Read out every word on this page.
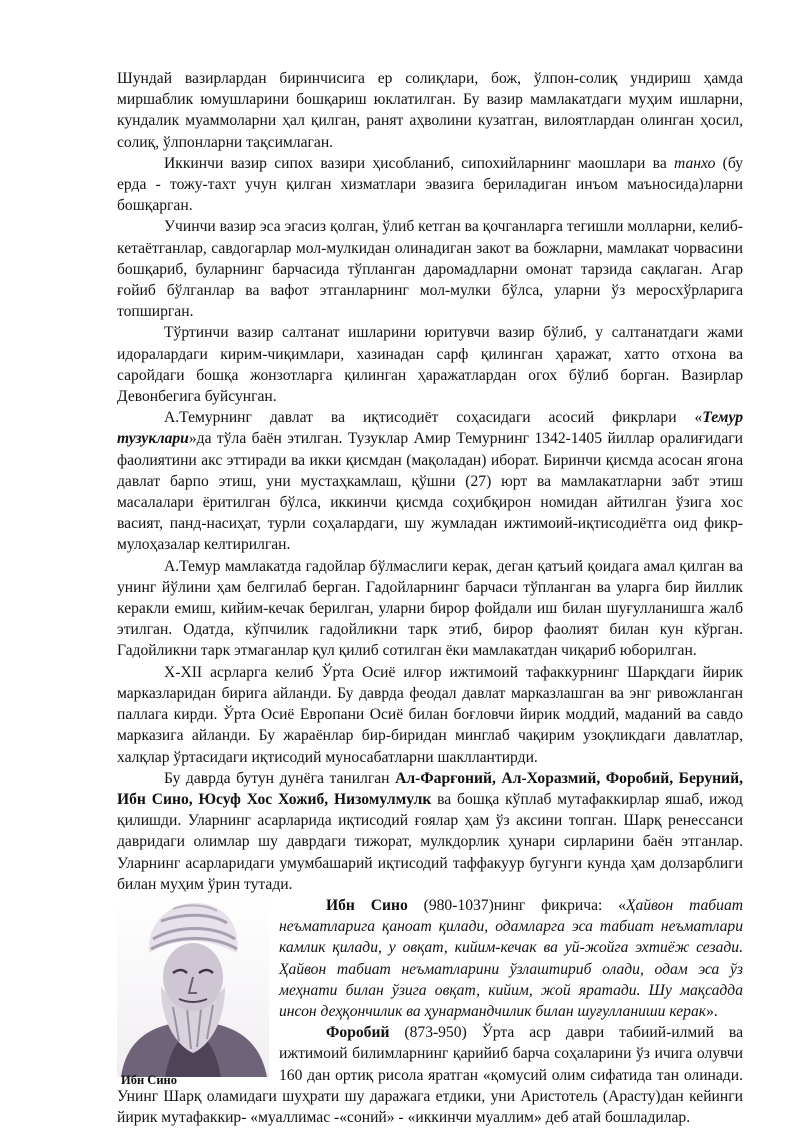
Шундай вазирлардан биринчисига ер солиқлари, бож, ўлпон-солиқ ундириш ҳамда миршаблик юмушларини бошқариш юклатилган. Бу вазир мамлакатдаги муҳим ишларни, кундалик муаммоларни ҳал қилган, ранят аҳволини кузатган, вилоятлардан олинган ҳосил, солиқ, ўлпонларни тақсимлаган.

Иккинчи вазир сипох вазири ҳисобланиб, сипохийларнинг маошлари ва танхо (бу ерда - тожу-тахт учун қилган хизматлари эвазига бериладиган инъом маъносида)ларни бошқарган.

Учинчи вазир эса эгасиз қолган, ўлиб кетган ва қочганларга тегишли молларни, келиб-кетаётганлар, савдогарлар мол-мулкидан олинадиган закот ва божларни, мамлакат чорвасини бошқариб, буларнинг барчасида тўпланган даромадларни омонат тарзида сақлаган. Агар ғойиб бўлганлар ва вафот этганларнинг мол-мулки бўлса, уларни ўз меросхўрларига топширган.

Тўртинчи вазир салтанат ишларини юритувчи вазир бўлиб, у салтанатдаги жами идоралардаги кирим-чиқимлари, хазинадан сарф қилинган ҳаражат, хатто отхона ва саройдаги бошқа жонзотларга қилинган ҳаражатлардан огох бўлиб борган. Вазирлар Девонбегига буйсунган.

А.Темурнинг давлат ва иқтисодиёт соҳасидаги асосий фикрлари «Темур тузуклари»да тўла баён этилган. Тузуклар Амир Темурнинг 1342-1405 йиллар оралиғидаги фаолиятини акс эттиради ва икки қисмдан (мақоладан) иборат. Биринчи қисмда асосан ягона давлат барпо этиш, уни мустаҳкамлаш, қўшни (27) юрт ва мамлакатларни забт этиш масалалари ёритилган бўлса, иккинчи қисмда соҳибқирон номидан айтилган ўзига хос васият, панд-насиҳат, турли соҳалардаги, шу жумладан ижтимоий-иқтисодиётга оид фикр-мулоҳазалар келтирилган.

А.Темур мамлакатда гадойлар бўлмаслиги керак, деган қатъий қоидага амал қилган ва унинг йўлини ҳам белгилаб берган. Гадойларнинг барчаси тўпланган ва уларга бир йиллик керакли емиш, кийим-кечак берилган, уларни бирор фойдали иш билан шуғулланишга жалб этилган. Одатда, кўпчилик гадойликни тарк этиб, бирор фаолият билан кун кўрган. Гадойликни тарк этмаганлар қул қилиб сотилган ёки мамлакатдан чиқариб юборилган.

X-XII асрларга келиб Ўрта Осиё илғор ижтимоий тафаккурнинг Шарқдаги йирик марказларидан бирига айланди. Бу даврда феодал давлат марказлашган ва энг ривожланган паллага кирди. Ўрта Осиё Европани Осиё билан боғловчи йирик моддий, маданий ва савдо марказига айланди. Бу жараёнлар бир-биридан минглаб чақирим узоқликдаги давлатлар, халқлар ўртасидаги иқтисодий муносабатларни шакллантирди.

Бу даврда бутун дунёга танилган Ал-Фарғоний, Ал-Хоразмий, Форобий, Беруний, Ибн Сино, Юсуф Хос Хожиб, Низомулмулк ва бошқа кўплаб мутафаккирлар яшаб, ижод қилишди. Уларнинг асарларида иқтисодий ғоялар ҳам ўз аксини топган. Шарқ ренессанси давридаги олимлар шу даврдаги тижорат, мулкдорлик ҳунари сирларини баён этганлар. Уларнинг асарларидаги умумбашарий иқтисодий таффакуур бугунги кунда ҳам долзарблиги билан муҳим ўрин тутади.

Ибн Сино

Ибн Сино (980-1037)нинг фикрича: «Ҳайвон табиат неъматларига қаноат қилади, одамларга эса табиат неъматлари камлик қилади, у овқат, кийим-кечак ва уй-жойга эхтиёж сезади. Ҳайвон табиат неъматларини ўзлаштириб олади, одам эса ўз меҳнати билан ўзига овқат, кийим, жой яратади. Шу мақсадда инсон деҳқончилик ва ҳунармандчилик билан шуғулланиши керак».

Форобий (873-950) Ўрта аср даври табиий-илмий ва ижтимоий билимларнинг қарийиб барча соҳаларини ўз ичига олувчи 160 дан ортиқ рисола яратган «қомусий олим сифатида тан олинади. Унинг Шарқ оламидаги шуҳрати шу даражага етдики, уни Аристотель (Арасту)дан кейинги йирик мутафаккир- «муаллимас -«соний» - «иккинчи муаллим» деб атай бошладилар.
